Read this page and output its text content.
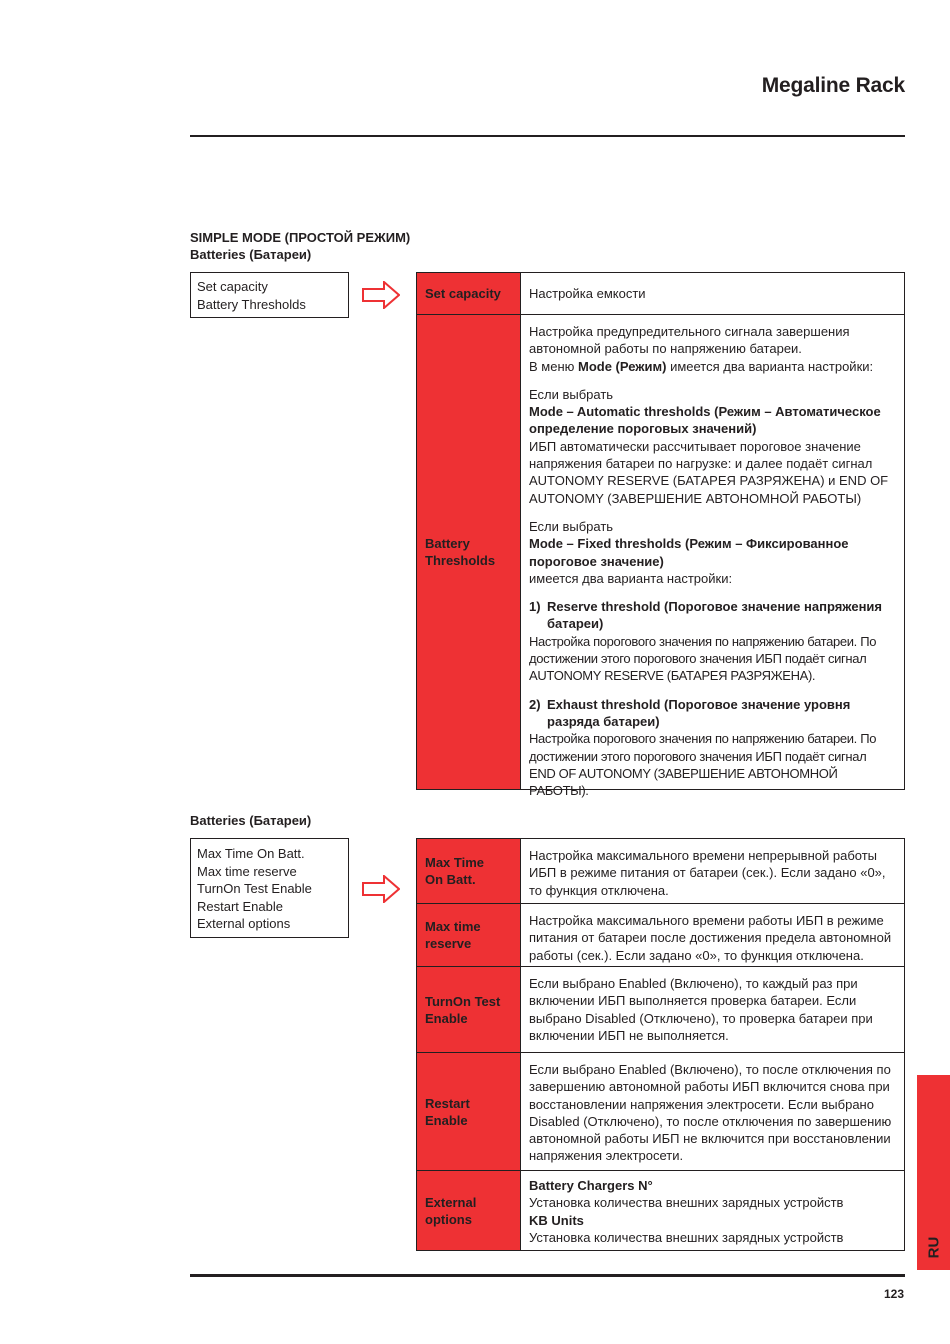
Megaline Rack
SIMPLE MODE (ПРОСТОЙ РЕЖИМ)
Batteries (Батареи)
Set capacity
Battery Thresholds
Set capacity	Настройка емкости
Battery
Thresholds

Настройка предупредительного сигнала завершения автономной работы по напряжению батареи.

В меню Mode (Режим) имеется два варианта настройки:

Если выбрать

Mode – Automatic thresholds (Режим – Автоматическое определение пороговых значений)

ИБП автоматически рассчитывает пороговое значение напряжения батареи по нагрузке: и далее подаёт сигнал AUTONOMY RESERVE (БАТАРЕЯ РАЗРЯЖЕНА) и END OF AUTONOMY (ЗАВЕРШЕНИЕ АВТОНОМНОЙ РАБОТЫ)

Если выбрать

Mode – Fixed thresholds (Режим – Фиксированное пороговое значение)

имеется два варианта настройки:

1) Reserve threshold (Пороговое значение напряжения батареи)

Настройка порогового значения по напряжению батареи. По достижении этого порогового значения ИБП подаёт сигнал AUTONOMY RESERVE (БАТАРЕЯ РАЗРЯЖЕНА).

2) Exhaust threshold (Пороговое значение уровня разряда батареи)

Настройка порогового значения по напряжению батареи. По достижении этого порогового значения ИБП подаёт сигнал END OF AUTONOMY (ЗАВЕРШЕНИЕ АВТОНОМНОЙ РАБОТЫ).

Batteries (Батареи)
Max Time On Batt.
Max time reserve
TurnOn Test Enable
Restart Enable
External options
Max Time
On Batt.
Настройка максимального времени непрерывной работы ИБП в режиме питания от батареи (сек.). Если задано «0», то функция отключена.
Max time
reserve
Настройка максимального времени работы ИБП в режиме питания от батареи после достижения предела автономной работы (сек.). Если задано «0», то функция отключена.
TurnOn Test
Enable
Если выбрано Enabled (Включено), то каждый раз при включении ИБП выполняется проверка батареи. Если выбрано Disabled (Отключено), то проверка батареи при включении ИБП не выполняется.
Restart
Enable
Если выбрано Enabled (Включено), то после отключения по завершению автономной работы ИБП включится снова при восстановлении напряжения электросети. Если выбрано Disabled (Отключено), то после отключения по завершению автономной работы ИБП не включится при восстановлении напряжения электросети.
External
options

Battery Chargers N°

Установка количества внешних зарядных устройств

KB Units

Установка количества внешних зарядных устройств	RU
123
